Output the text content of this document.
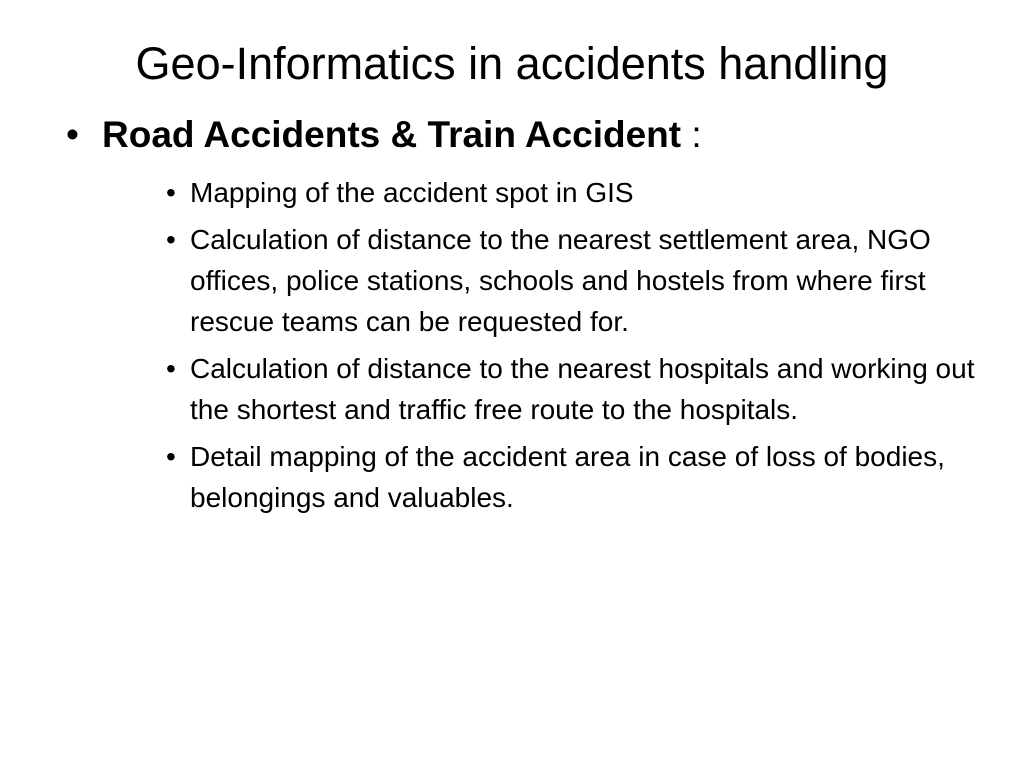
Geo-Informatics in accidents handling
• Road Accidents & Train Accident :
• Mapping of the accident spot in GIS
• Calculation of distance to the nearest settlement area, NGO offices, police stations, schools and hostels from where first rescue teams can be requested for.
• Calculation of distance to the nearest hospitals and working out the shortest and traffic free route to the hospitals.
• Detail mapping of the accident area in case of loss of bodies, belongings and valuables.
